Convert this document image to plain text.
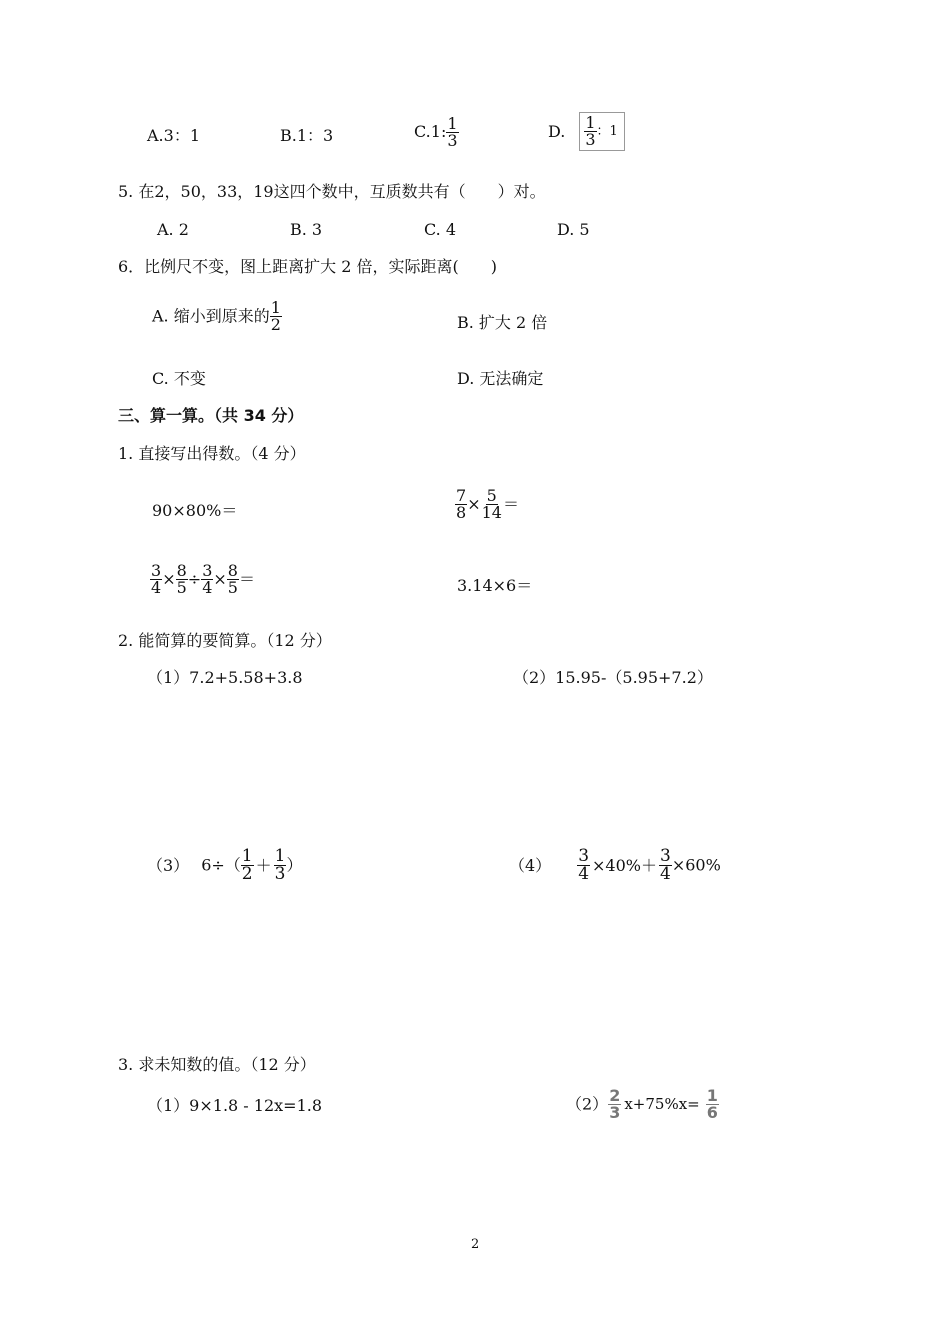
A.3：1	B.1：3	C.1: $\frac{1}{3}$	D. $\frac{1}{3}$ ：1
5. 在2，50，33，19这四个数中，互质数共有（　　）对。
A. 2	B. 3	C. 4	D. 5
6．比例尺不变，图上距离扩大 2 倍，实际距离(　　)
A. 缩小到原来的 $\frac{1}{2}$	B. 扩大 2 倍
C. 不变	D. 无法确定
三、算一算。（共 34 分）
1. 直接写出得数。（4 分）
90×80%＝	$\frac{7}{8} \times \frac{5}{14}$ ＝
$\frac{3}{4} \times \frac{8}{5} \div \frac{3}{4} \times \frac{8}{5}$ ＝	3.14×6＝
2. 能简算的要简算。（12 分）
（1）7.2+5.58+3.8	（2）15.95-（5.95+7.2）
（3） $6\div( \frac{1}{2} + \frac{1}{3}$ ）	$(4) \frac{3}{4} \times 40\%+ \frac{3}{4} \times 60\%$
3. 求未知数的值。（12 分）
（1）9×1.8 - 12x=1.8	$(2) \frac{2}{3} x+75\%x= \frac{1}{6}$
2
